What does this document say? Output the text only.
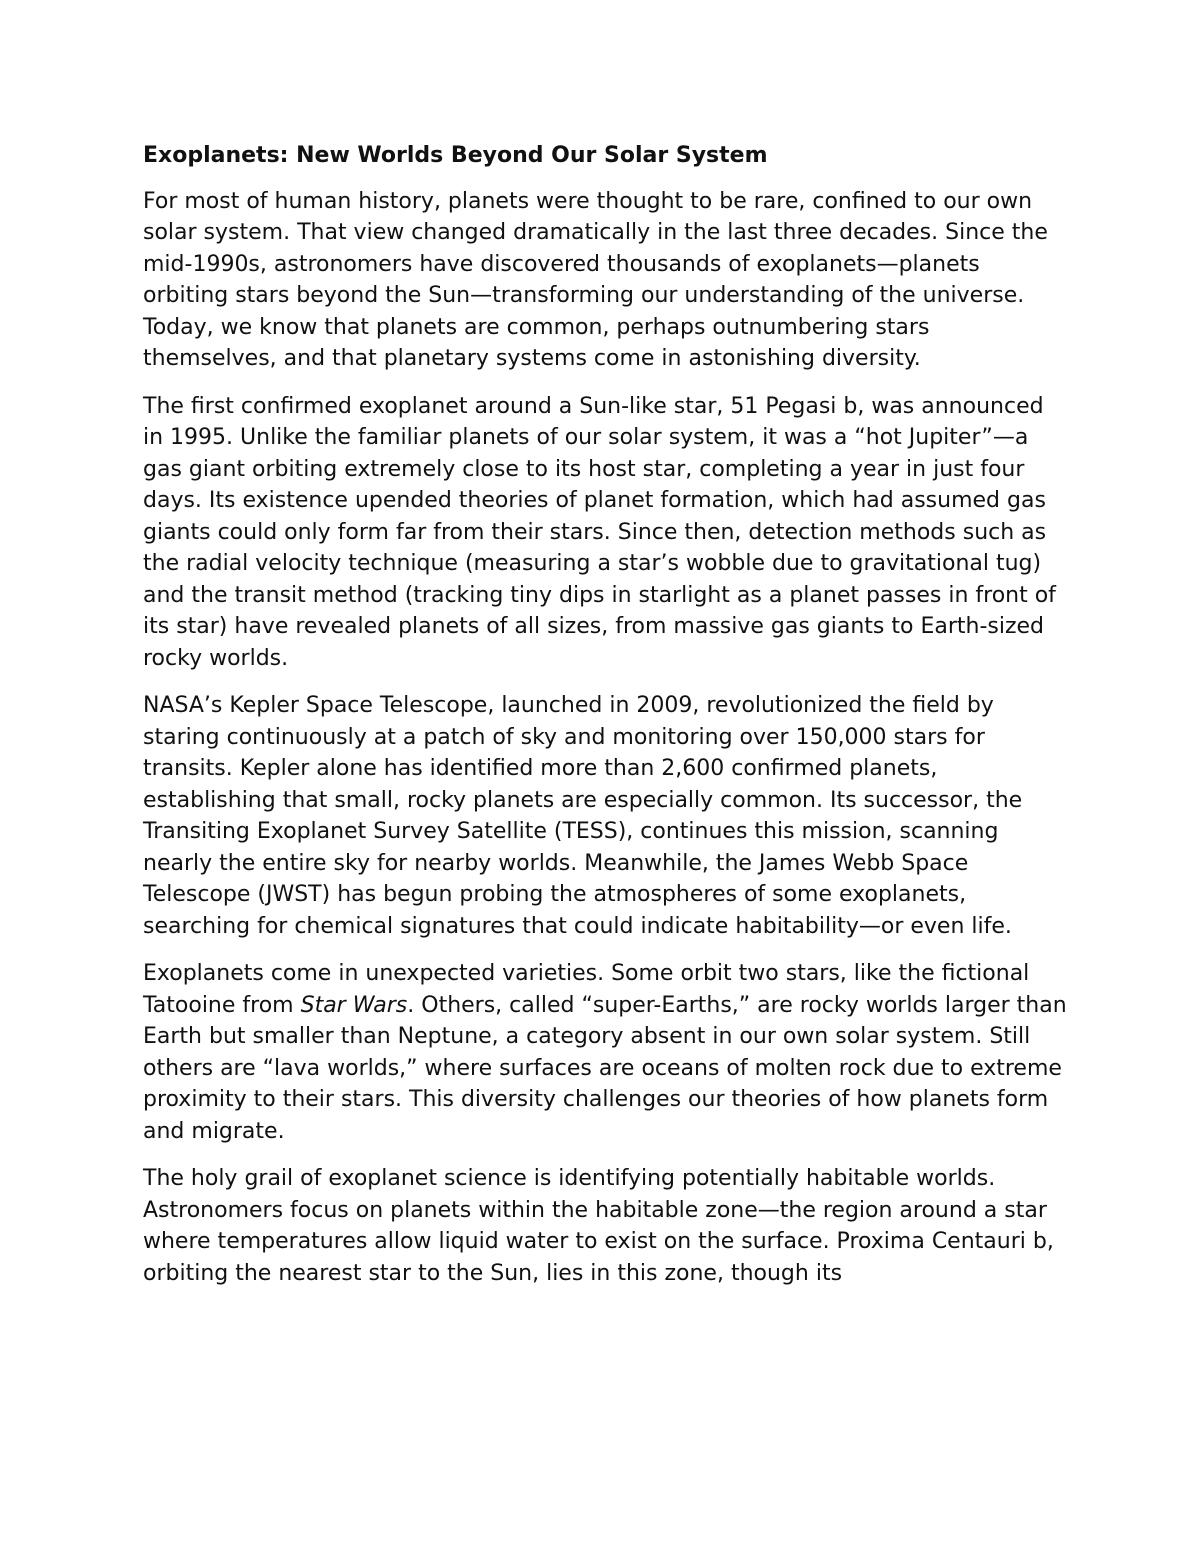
Exoplanets: New Worlds Beyond Our Solar System

For most of human history, planets were thought to be rare, confined to our own solar system. That view changed dramatically in the last three decades. Since the mid-1990s, astronomers have discovered thousands of exoplanets—planets orbiting stars beyond the Sun—transforming our understanding of the universe. Today, we know that planets are common, perhaps outnumbering stars themselves, and that planetary systems come in astonishing diversity.

The first confirmed exoplanet around a Sun-like star, 51 Pegasi b, was announced in 1995. Unlike the familiar planets of our solar system, it was a “hot Jupiter”—a gas giant orbiting extremely close to its host star, completing a year in just four days. Its existence upended theories of planet formation, which had assumed gas giants could only form far from their stars. Since then, detection methods such as the radial velocity technique (measuring a star’s wobble due to gravitational tug) and the transit method (tracking tiny dips in starlight as a planet passes in front of its star) have revealed planets of all sizes, from massive gas giants to Earth-sized rocky worlds.

NASA’s Kepler Space Telescope, launched in 2009, revolutionized the field by staring continuously at a patch of sky and monitoring over 150,000 stars for transits. Kepler alone has identified more than 2,600 confirmed planets, establishing that small, rocky planets are especially common. Its successor, the Transiting Exoplanet Survey Satellite (TESS), continues this mission, scanning nearly the entire sky for nearby worlds. Meanwhile, the James Webb Space Telescope (JWST) has begun probing the atmospheres of some exoplanets, searching for chemical signatures that could indicate habitability—or even life.

Exoplanets come in unexpected varieties. Some orbit two stars, like the fictional Tatooine from Star Wars. Others, called “super-Earths,” are rocky worlds larger than Earth but smaller than Neptune, a category absent in our own solar system. Still others are “lava worlds,” where surfaces are oceans of molten rock due to extreme proximity to their stars. This diversity challenges our theories of how planets form and migrate.

The holy grail of exoplanet science is identifying potentially habitable worlds. Astronomers focus on planets within the habitable zone—the region around a star where temperatures allow liquid water to exist on the surface. Proxima Centauri b, orbiting the nearest star to the Sun, lies in this zone, though its
